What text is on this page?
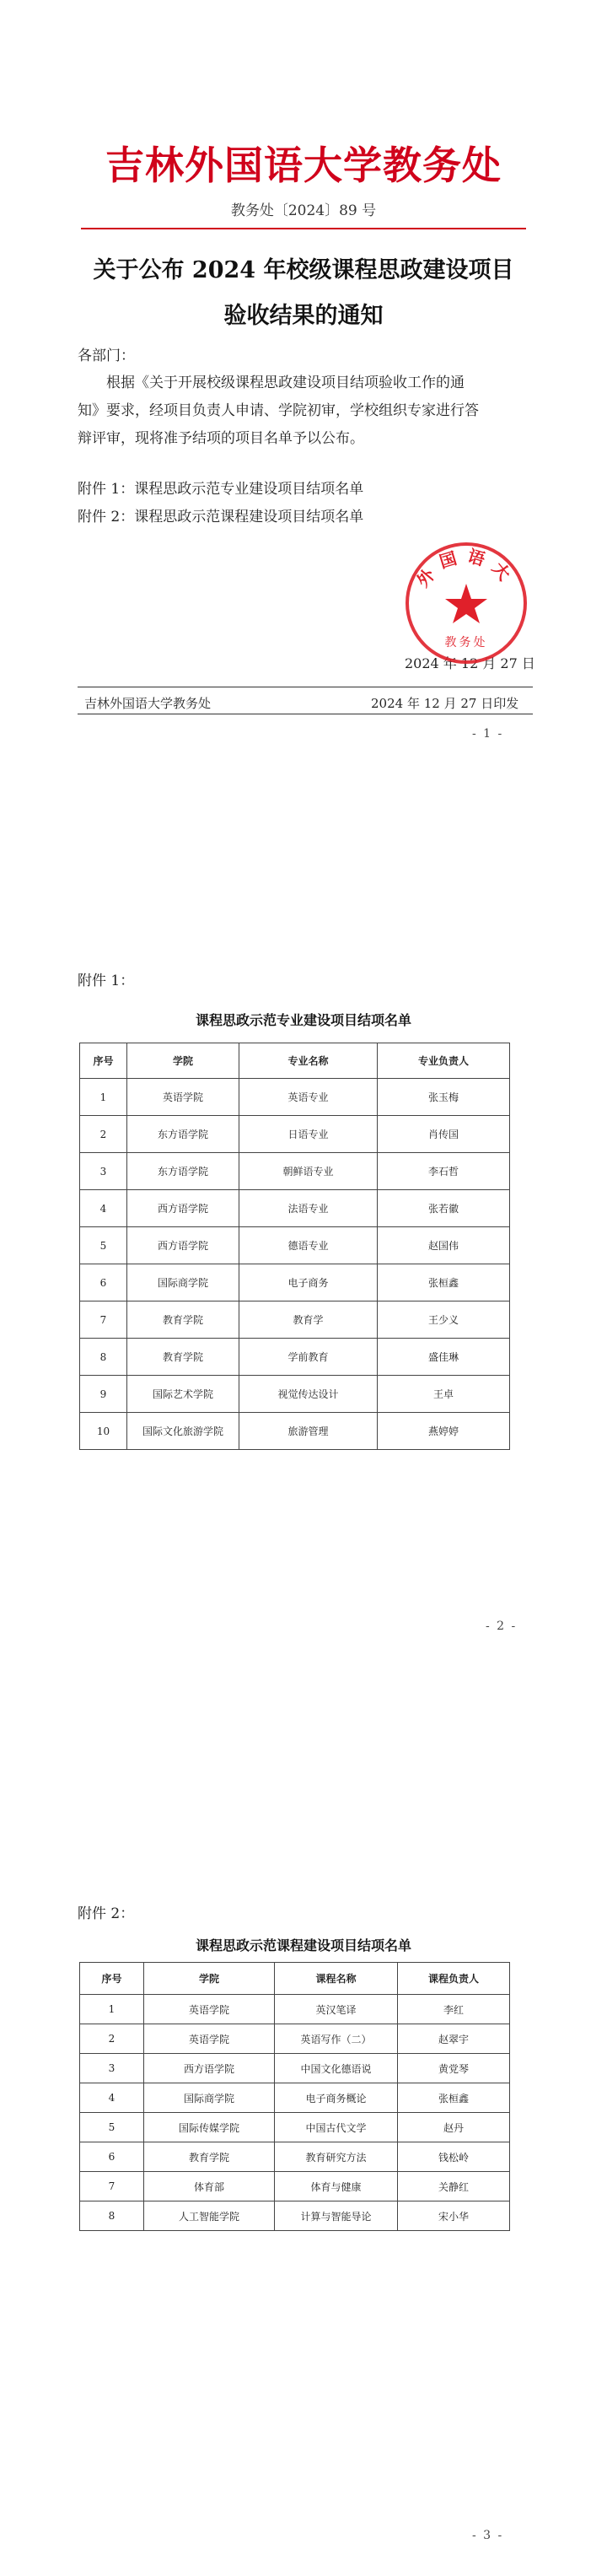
吉林外国语大学教务处
教务处〔2024〕89 号
关于公布 2024 年校级课程思政建设项目
验收结果的通知
各部门：
根据《关于开展校级课程思政建设项目结项验收工作的通
知》要求，经项目负责人申请、学院初审，学校组织专家进行答
辩评审，现将准予结项的项目名单予以公布。
附件 1：课程思政示范专业建设项目结项名单
附件 2：课程思政示范课程建设项目结项名单
2024 年 12 月 27 日
外国语大
教务处
吉林外国语大学教务处	2024 年 12 月 27 日印发
- 1 -
附件 1：
课程思政示范专业建设项目结项名单
序号	学院	专业名称	专业负责人
1	英语学院	英语专业	张玉梅
2	东方语学院	日语专业	肖传国
3	东方语学院	朝鲜语专业	李石哲
4	西方语学院	法语专业	张若徽
5	西方语学院	德语专业	赵国伟
6	国际商学院	电子商务	张桓鑫
7	教育学院	教育学	王少义
8	教育学院	学前教育	盛佳琳
9	国际艺术学院	视觉传达设计	王卓
10	国际文化旅游学院	旅游管理	燕婷婷
- 2 -
附件 2：
课程思政示范课程建设项目结项名单
序号	学院	课程名称	课程负责人
1	英语学院	英汉笔译	李红
2	英语学院	英语写作（二）	赵翠宇
3	西方语学院	中国文化德语说	黄党琴
4	国际商学院	电子商务概论	张桓鑫
5	国际传媒学院	中国古代文学	赵丹
6	教育学院	教育研究方法	钱松岭
7	体育部	体育与健康	关静红
8	人工智能学院	计算与智能导论	宋小华
- 3 -
